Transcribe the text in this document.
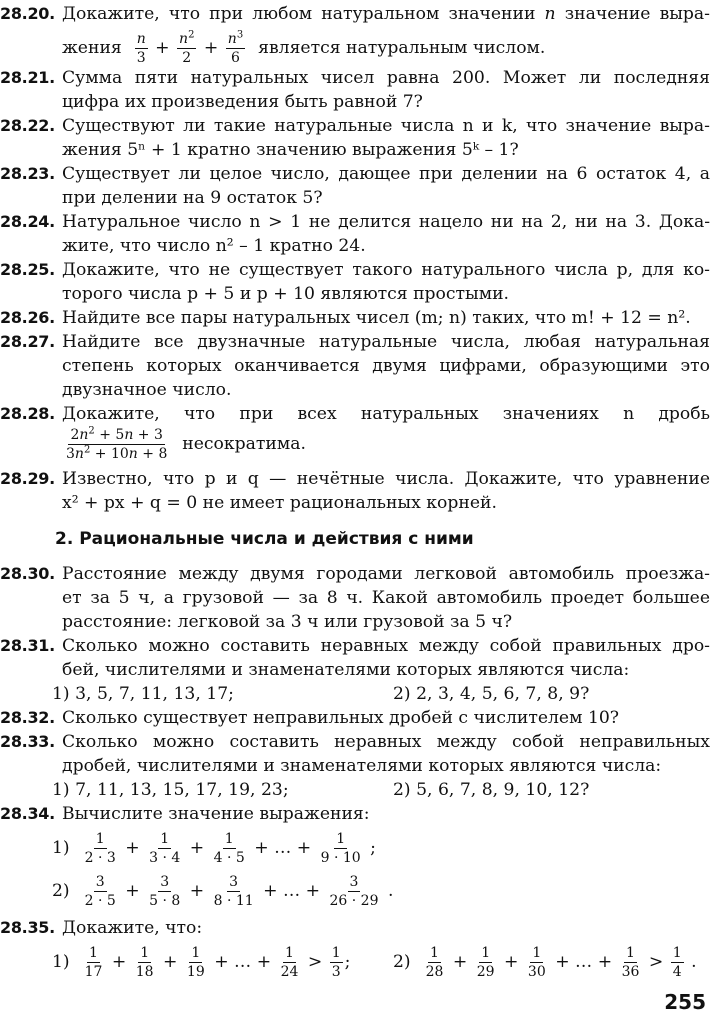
28.20. Докажите, что при любом натуральном значении n значение выра-
жения $\frac{n}{3} + \frac{n^2}{2} + \frac{n^3}{6}$ является натуральным числом.
28.21. Сумма пяти натуральных чисел равна 200. Может ли последняя
цифра их произведения быть равной 7?
28.22. Существуют ли такие натуральные числа n и k, что значение выра-
жения 5ⁿ + 1 кратно значению выражения 5ᵏ – 1?
28.23. Существует ли целое число, дающее при делении на 6 остаток 4, а
при делении на 9 остаток 5?
28.24. Натуральное число n > 1 не делится нацело ни на 2, ни на 3. Дока-
жите, что число n² – 1 кратно 24.
28.25. Докажите, что не существует такого натурального числа p, для ко-
торого числа p + 5 и p + 10 являются простыми.
28.26. Найдите все пары натуральных чисел (m; n) таких, что m! + 12 = n².
28.27. Найдите все двузначные натуральные числа, любая натуральная
степень которых оканчивается двумя цифрами, образующими это
двузначное число.
28.28. Докажите, что при всех натуральных значениях n дробь
$\frac{2n^2 + 5n + 3}{3n^2 + 10n + 8}$ несократима.
28.29. Известно, что p и q — нечётные числа. Докажите, что уравнение
x² + px + q = 0 не имеет рациональных корней.
2. Рациональные числа и действия с ними
28.30. Расстояние между двумя городами легковой автомобиль проезжа-
ет за 5 ч, а грузовой — за 8 ч. Какой автомобиль проедет большее
расстояние: легковой за 3 ч или грузовой за 5 ч?
28.31. Сколько можно составить неравных между собой правильных дро-
бей, числителями и знаменателями которых являются числа:
1) 3, 5, 7, 11, 13, 17;	2) 2, 3, 4, 5, 6, 7, 8, 9?
28.32. Сколько существует неправильных дробей с числителем 10?
28.33. Сколько можно составить неравных между собой неправильных
дробей, числителями и знаменателями которых являются числа:
1) 7, 11, 13, 15, 17, 19, 23;	2) 5, 6, 7, 8, 9, 10, 12?
28.34. Вычислите значение выражения:
$1) \frac{1}{2 \cdot 3} + \frac{1}{3 \cdot 4} + \frac{1}{4 \cdot 5}$ + … + $\frac{1}{9 \cdot 10}$ ;
$2) \frac{3}{2 \cdot 5} + \frac{3}{5 \cdot 8} + \frac{3}{8 \cdot 11}$ + … + $\frac{3}{26 \cdot 29}$ .
28.35. Докажите, что:
$1) \frac{1}{17} + \frac{1}{18} + \frac{1}{19}$ + … + $\frac{1}{24} > \frac{1}{3}$ ; $2) \frac{1}{28} + \frac{1}{29} + \frac{1}{30}$ + … + $\frac{1}{36} > \frac{1}{4}$ .
255
